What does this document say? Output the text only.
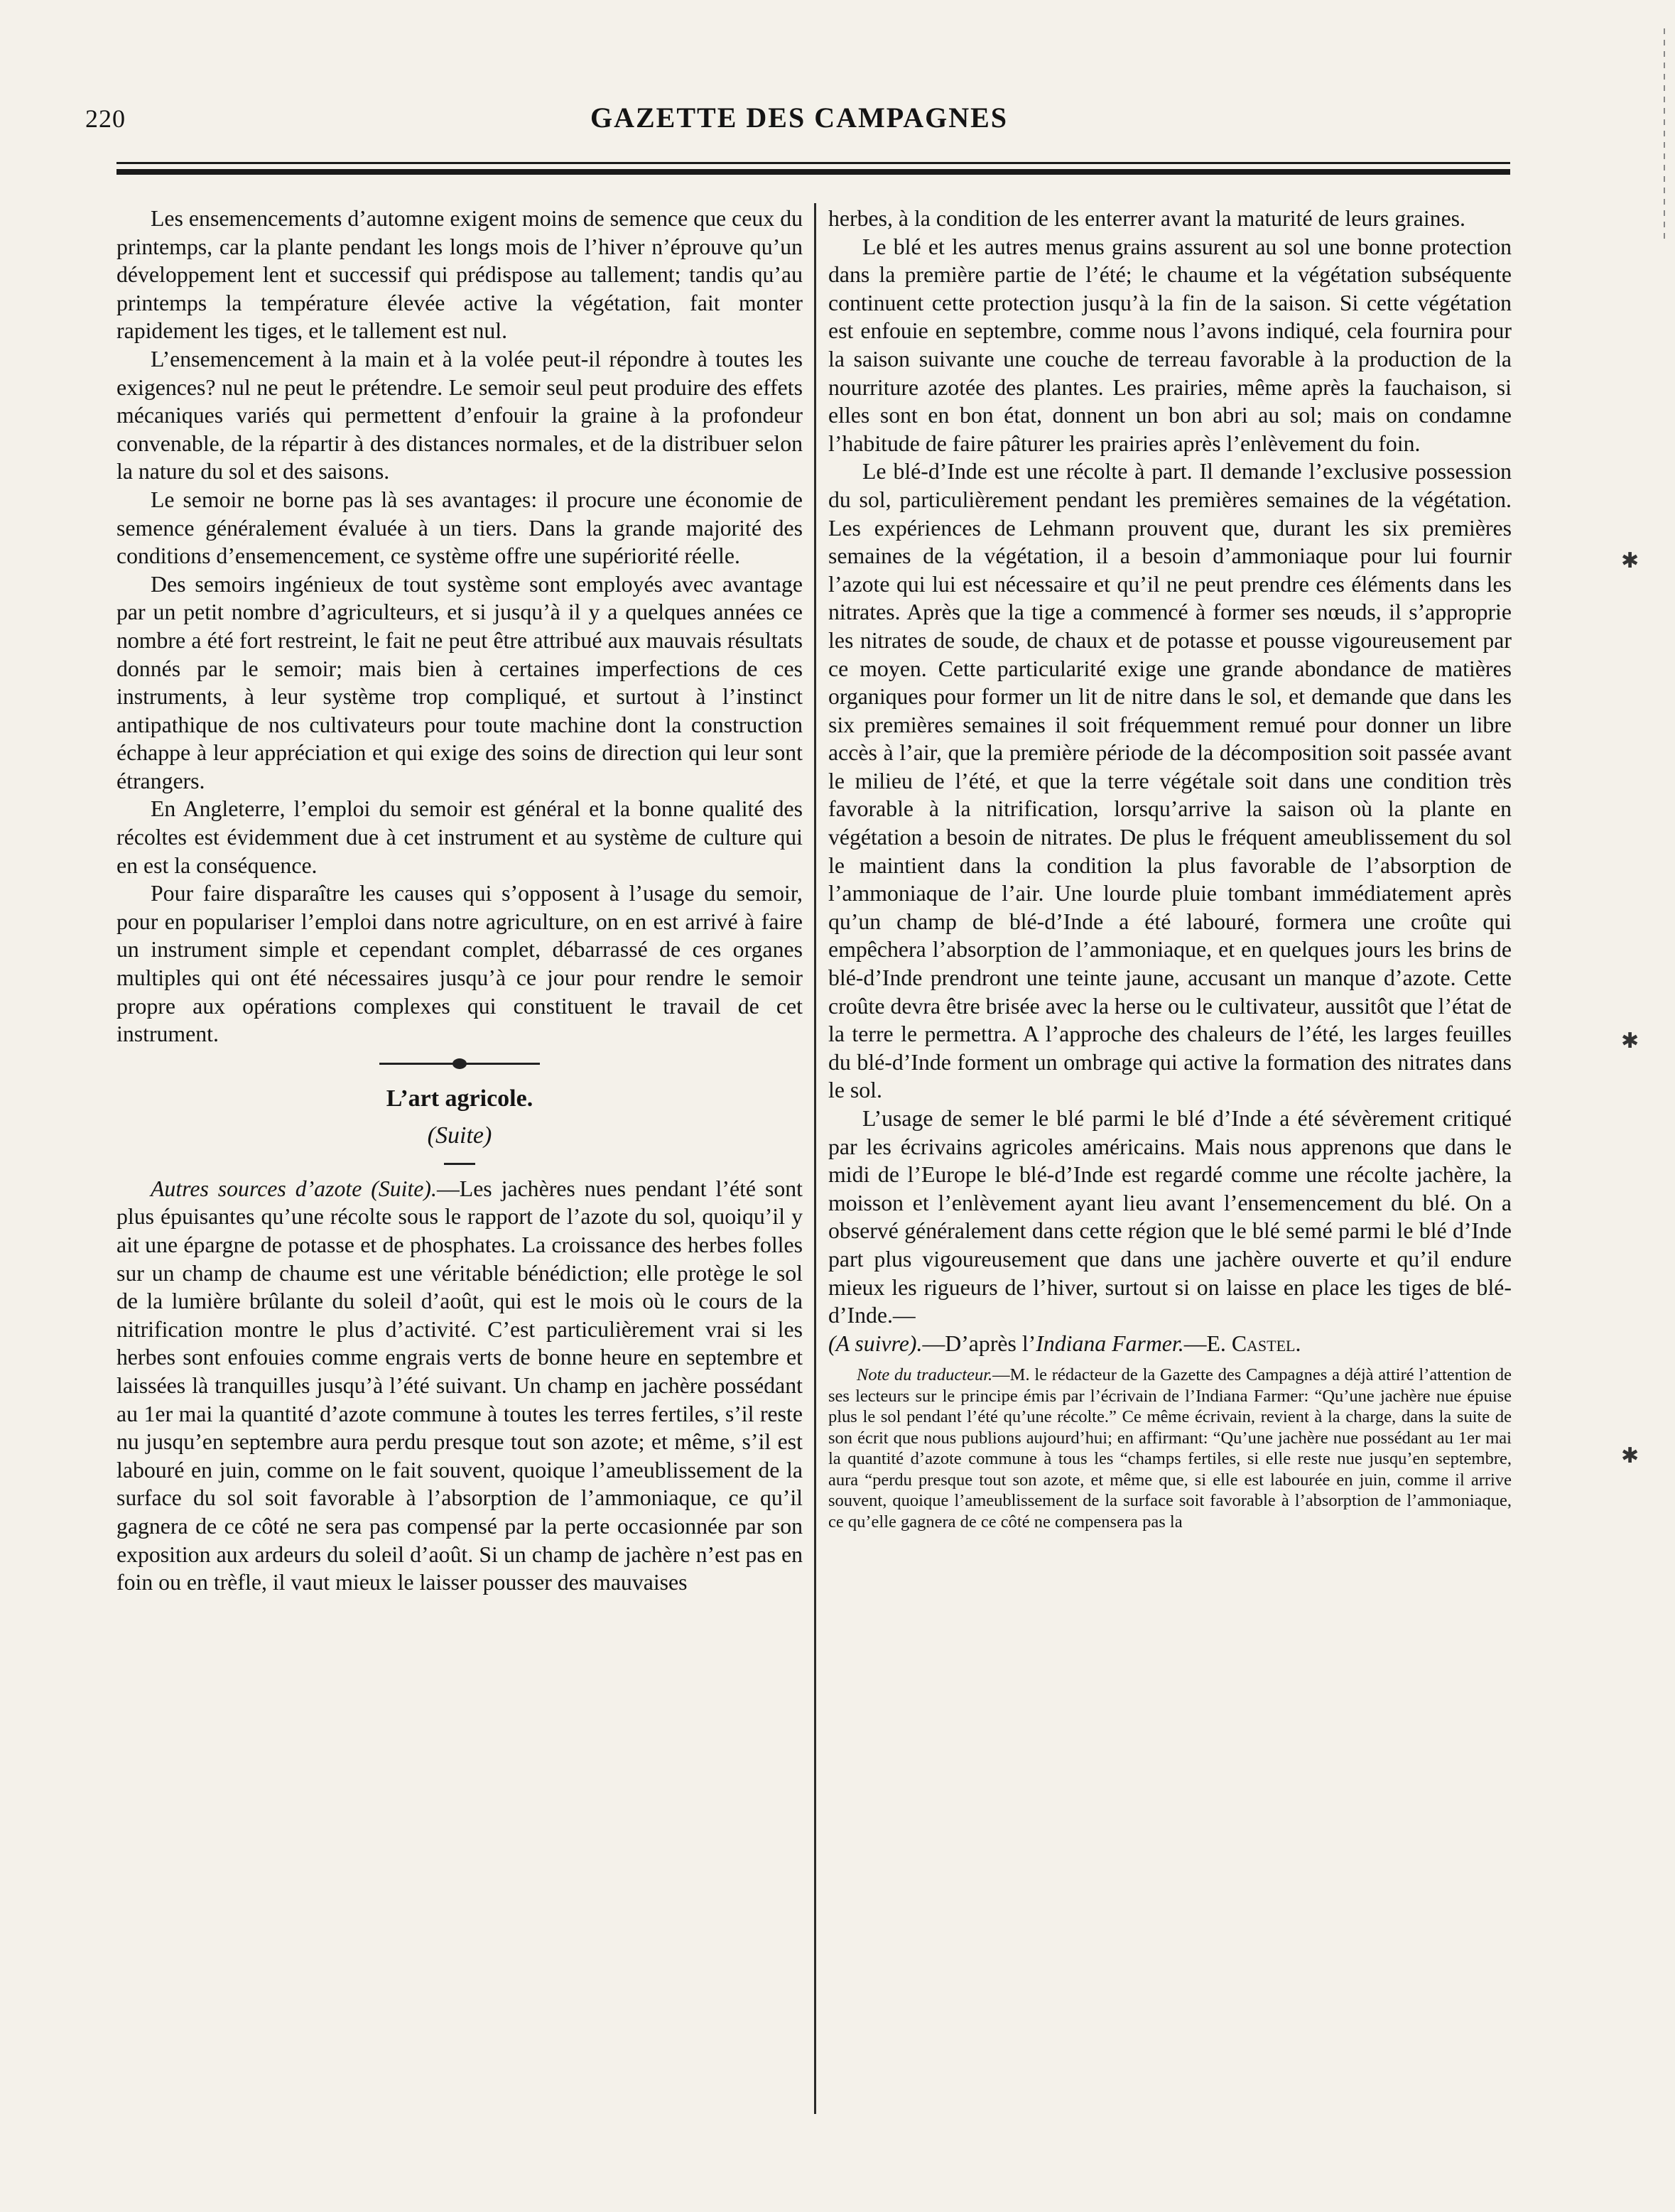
220	GAZETTE DES CAMPAGNES

Les ensemencements d’automne exigent moins de semence que ceux du printemps, car la plante pendant les longs mois de l’hiver n’éprouve qu’un développement lent et successif qui prédispose au tallement; tandis qu’au printemps la température élevée active la végétation, fait monter rapidement les tiges, et le tallement est nul.

L’ensemencement à la main et à la volée peut-il répondre à toutes les exigences? nul ne peut le prétendre. Le semoir seul peut produire des effets mécaniques variés qui permettent d’enfouir la graine à la profondeur convenable, de la répartir à des distances normales, et de la distribuer selon la nature du sol et des saisons.

Le semoir ne borne pas là ses avantages: il procure une économie de semence généralement évaluée à un tiers. Dans la grande majorité des conditions d’ensemencement, ce système offre une supériorité réelle.

Des semoirs ingénieux de tout système sont employés avec avantage par un petit nombre d’agriculteurs, et si jusqu’à il y a quelques années ce nombre a été fort restreint, le fait ne peut être attribué aux mauvais résultats donnés par le semoir; mais bien à certaines imperfections de ces instruments, à leur système trop compliqué, et surtout à l’instinct antipathique de nos cultivateurs pour toute machine dont la construction échappe à leur appréciation et qui exige des soins de direction qui leur sont étrangers.

En Angleterre, l’emploi du semoir est général et la bonne qualité des récoltes est évidemment due à cet instrument et au système de culture qui en est la conséquence.

Pour faire disparaître les causes qui s’opposent à l’usage du semoir, pour en populariser l’emploi dans notre agriculture, on en est arrivé à faire un instrument simple et cependant complet, débarrassé de ces organes multiples qui ont été nécessaires jusqu’à ce jour pour rendre le semoir propre aux opérations complexes qui constituent le travail de cet instrument.

L’art agricole.
(Suite)

Autres sources d’azote (Suite).—Les jachères nues pendant l’été sont plus épuisantes qu’une récolte sous le rapport de l’azote du sol, quoiqu’il y ait une épargne de potasse et de phosphates. La croissance des herbes folles sur un champ de chaume est une véritable bénédiction; elle protège le sol de la lumière brûlante du soleil d’août, qui est le mois où le cours de la nitrification montre le plus d’activité. C’est particulièrement vrai si les herbes sont enfouies comme engrais verts de bonne heure en septembre et laissées là tranquilles jusqu’à l’été suivant. Un champ en jachère possédant au 1er mai la quantité d’azote commune à toutes les terres fertiles, s’il reste nu jusqu’en septembre aura perdu presque tout son azote; et même, s’il est labouré en juin, comme on le fait souvent, quoique l’ameublissement de la surface du sol soit favorable à l’absorption de l’ammoniaque, ce qu’il gagnera de ce côté ne sera pas compensé par la perte occasionnée par son exposition aux ardeurs du soleil d’août. Si un champ de jachère n’est pas en foin ou en trèfle, il vaut mieux le laisser pousser des mauvaises

herbes, à la condition de les enterrer avant la maturité de leurs graines.

Le blé et les autres menus grains assurent au sol une bonne protection dans la première partie de l’été; le chaume et la végétation subséquente continuent cette protection jusqu’à la fin de la saison. Si cette végétation est enfouie en septembre, comme nous l’avons indiqué, cela fournira pour la saison suivante une couche de terreau favorable à la production de la nourriture azotée des plantes. Les prairies, même après la fauchaison, si elles sont en bon état, donnent un bon abri au sol; mais on condamne l’habitude de faire pâturer les prairies après l’enlèvement du foin.

Le blé-d’Inde est une récolte à part. Il demande l’exclusive possession du sol, particulièrement pendant les premières semaines de la végétation. Les expériences de Lehmann prouvent que, durant les six premières semaines de la végétation, il a besoin d’ammoniaque pour lui fournir l’azote qui lui est nécessaire et qu’il ne peut prendre ces éléments dans les nitrates. Après que la tige a commencé à former ses nœuds, il s’approprie les nitrates de soude, de chaux et de potasse et pousse vigoureusement par ce moyen. Cette particularité exige une grande abondance de matières organiques pour former un lit de nitre dans le sol, et demande que dans les six premières semaines il soit fréquemment remué pour donner un libre accès à l’air, que la première période de la décomposition soit passée avant le milieu de l’été, et que la terre végétale soit dans une condition très favorable à la nitrification, lorsqu’arrive la saison où la plante en végétation a besoin de nitrates. De plus le fréquent ameublissement du sol le maintient dans la condition la plus favorable de l’absorption de l’ammoniaque de l’air. Une lourde pluie tombant immédiatement après qu’un champ de blé-d’Inde a été labouré, formera une croûte qui empêchera l’absorption de l’ammoniaque, et en quelques jours les brins de blé-d’Inde prendront une teinte jaune, accusant un manque d’azote. Cette croûte devra être brisée avec la herse ou le cultivateur, aussitôt que l’état de la terre le permettra. A l’approche des chaleurs de l’été, les larges feuilles du blé-d’Inde forment un ombrage qui active la formation des nitrates dans le sol.

L’usage de semer le blé parmi le blé d’Inde a été sévèrement critiqué par les écrivains agricoles américains. Mais nous apprenons que dans le midi de l’Europe le blé-d’Inde est regardé comme une récolte jachère, la moisson et l’enlèvement ayant lieu avant l’ensemencement du blé. On a observé généralement dans cette région que le blé semé parmi le blé d’Inde part plus vigoureusement que dans une jachère ouverte et qu’il endure mieux les rigueurs de l’hiver, surtout si on laisse en place les tiges de blé-d’Inde.—
(A suivre).—D’après l’Indiana Farmer.—E. Castel.

Note du traducteur.—M. le rédacteur de la Gazette des Campagnes a déjà attiré l’attention de ses lecteurs sur le principe émis par l’écrivain de l’Indiana Farmer: “Qu’une jachère nue épuise plus le sol pendant l’été qu’une récolte.” Ce même écrivain, revient à la charge, dans la suite de son écrit que nous publions aujourd’hui; en affirmant: “Qu’une jachère nue possédant au 1er mai la quantité d’azote commune à tous les “champs fertiles, si elle reste nue jusqu’en septembre, aura “perdu presque tout son azote, et même que, si elle est labourée en juin, comme il arrive souvent, quoique l’ameublissement de la surface soit favorable à l’absorption de l’ammoniaque, ce qu’elle gagnera de ce côté ne compensera pas la

✱
✱
✱
